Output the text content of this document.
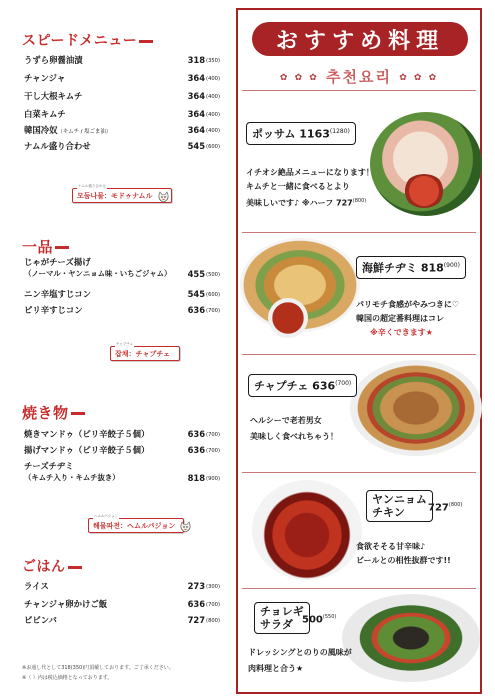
スピードメニュー
うずら卵醤油漬	318$^{(350)}$
チャンジャ	364$^{(400)}$
干し大根キムチ	364$^{(400)}$
白菜キムチ	364$^{(400)}$
韓国冷奴（キムチ / 塩ごま油）	364$^{(400)}$
ナムル盛り合わせ	545$^{(600)}$
ナムル盛り合わせ
모둠나물：モドゥナムル
一品
じゃがチーズ揚げ
（ノーマル・ヤンニョム味・いちごジャム） 455$^{(500)}$
ニン辛塩すじコン	545$^{(600)}$
ピリ辛すじコン	636$^{(700)}$
チャプチェ
잡채：チャプチェ
焼き物
焼きマンドゥ（ピリ辛餃子５個）	636$^{(700)}$
揚げマンドゥ（ピリ辛餃子５個）	636$^{(700)}$
チーズチヂミ
（キムチ入り・キムチ抜き）	818$^{(900)}$
ヘムルパジョン
해물파전：ヘムルパジョン
ごはん
ライス	273$^{(300)}$
チャンジャ卵かけご飯	636$^{(700)}$
ビビンバ	727$^{(800)}$
※お通し代として318(350)円頂戴しております。ご了承ください。
※（ ）内は税込価格となっております。
おすすめ料理
✿ ✿ ✿ 추천요리 ✿ ✿ ✿
ポッサム $1163^{(1280)}$
イチオシ絶品メニューになります！
キムチと一緒に食べるとより
美味しいです♪ ※ハーフ 727$^{(800)}$
海鮮チヂミ 818$^{(900)}$
パリモチ食感がやみつきに♡
韓国の超定番料理はコレ
※辛くできます★
チャプチェ 636$^{(700)}$
ヘルシーで老若男女
美味しく食べれちゃう！
ヤンニョム
チキン	727$^{(800)}$
食欲そそる甘辛味♪
ビールとの相性抜群です!!
チョレギ
サラダ 500$^{(550)}$
ドレッシングとのりの風味が
肉料理と合う★
